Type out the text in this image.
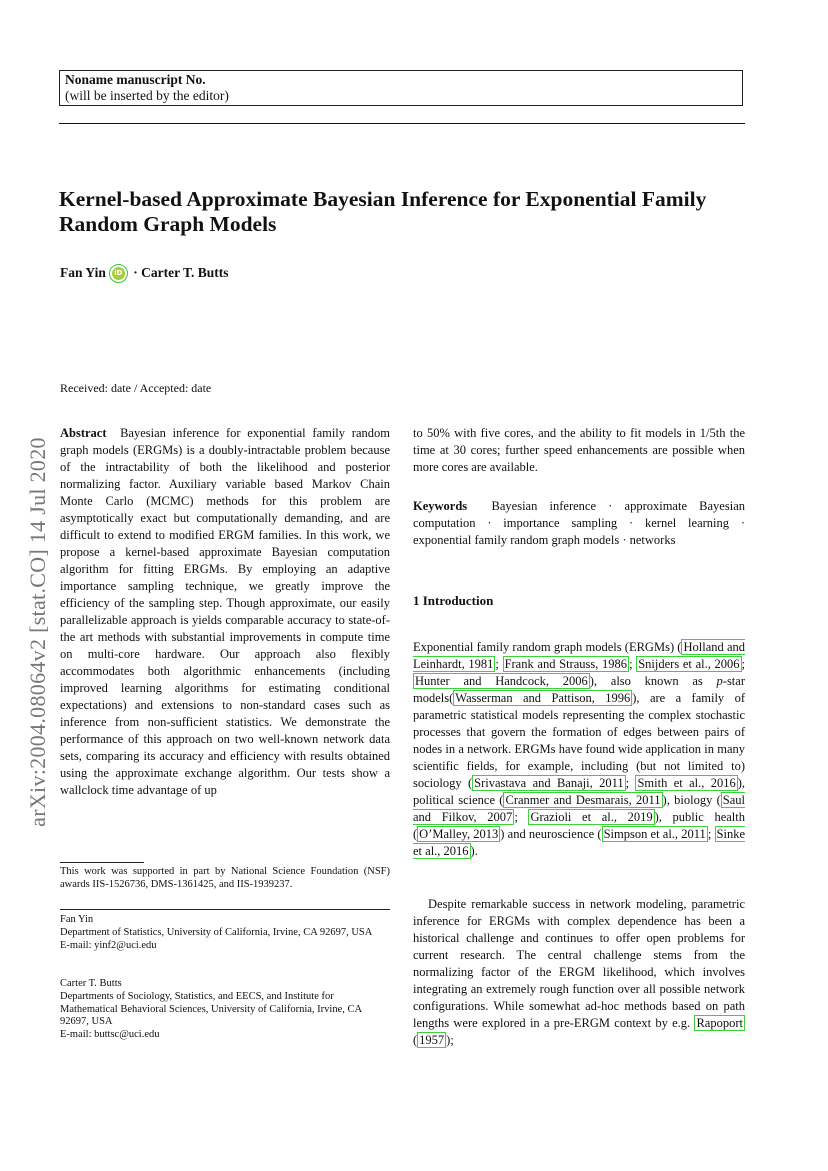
Noname manuscript No.
(will be inserted by the editor)
Kernel-based Approximate Bayesian Inference for Exponential Family Random Graph Models
Fan Yin iD · Carter T. Butts
arXiv:2004.08064v2 [stat.CO] 14 Jul 2020
Received: date / Accepted: date

Abstract Bayesian inference for exponential family random graph models (ERGMs) is a doubly-intractable problem because of the intractability of both the likelihood and posterior normalizing factor. Auxiliary variable based Markov Chain Monte Carlo (MCMC) methods for this problem are asymptotically exact but computationally demanding, and are difficult to extend to modified ERGM families. In this work, we propose a kernel-based approximate Bayesian computation algorithm for fitting ERGMs. By employing an adaptive importance sampling technique, we greatly improve the efficiency of the sampling step. Though approximate, our easily parallelizable approach is yields comparable accuracy to state-of-the art methods with substantial improvements in compute time on multi-core hardware. Our approach also flexibly accommodates both algorithmic enhancements (including improved learning algorithms for estimating conditional expectations) and extensions to non-standard cases such as inference from non-sufficient statistics. We demonstrate the performance of this approach on two well-known network data sets, comparing its accuracy and efficiency with results obtained using the approximate exchange algorithm. Our tests show a wallclock time advantage of up

to 50% with five cores, and the ability to fit models in 1/5th the time at 30 cores; further speed enhancements are possible when more cores are available.
Keywords Bayesian inference · approximate Bayesian computation · importance sampling · kernel learning · exponential family random graph models · networks
1 Introduction
Exponential family random graph models (ERGMs) ( Holland and Leinhardt, 1981 ; Frank and Strauss, 1986 ; Snijders et al., 2006 ; Hunter and Handcock, 2006 ), also known as p-star models( Wasserman and Pattison, 1996 ), are a family of parametric statistical models representing the complex stochastic processes that govern the formation of edges between pairs of nodes in a network. ERGMs have found wide application in many scientific fields, for example, including (but not limited to) sociology ( Srivastava and Banaji, 2011 ; Smith et al., 2016 ), political science ( Cranmer and Desmarais, 2011 ), biology ( Saul and Filkov, 2007 ; Grazioli et al., 2019 ), public health ( O’Malley, 2013 ) and neuroscience ( Simpson et al., 2011 ; Sinke et al., 2016 ).
Despite remarkable success in network modeling, parametric inference for ERGMs with complex dependence has been a historical challenge and continues to offer open problems for current research. The central challenge stems from the normalizing factor of the ERGM likelihood, which involves integrating an extremely rough function over all possible network configurations. While somewhat ad-hoc methods based on path lengths were explored in a pre-ERGM context by e.g. Rapoport ( 1957 );
This work was supported in part by National Science Foundation (NSF) awards IIS-1526736, DMS-1361425, and IIS-1939237.
Fan Yin
Department of Statistics, University of California, Irvine, CA 92697, USA
E-mail: yinf2@uci.edu
Carter T. Butts
Departments of Sociology, Statistics, and EECS, and Institute for Mathematical Behavioral Sciences, University of California, Irvine, CA 92697, USA
E-mail: buttsc@uci.edu
